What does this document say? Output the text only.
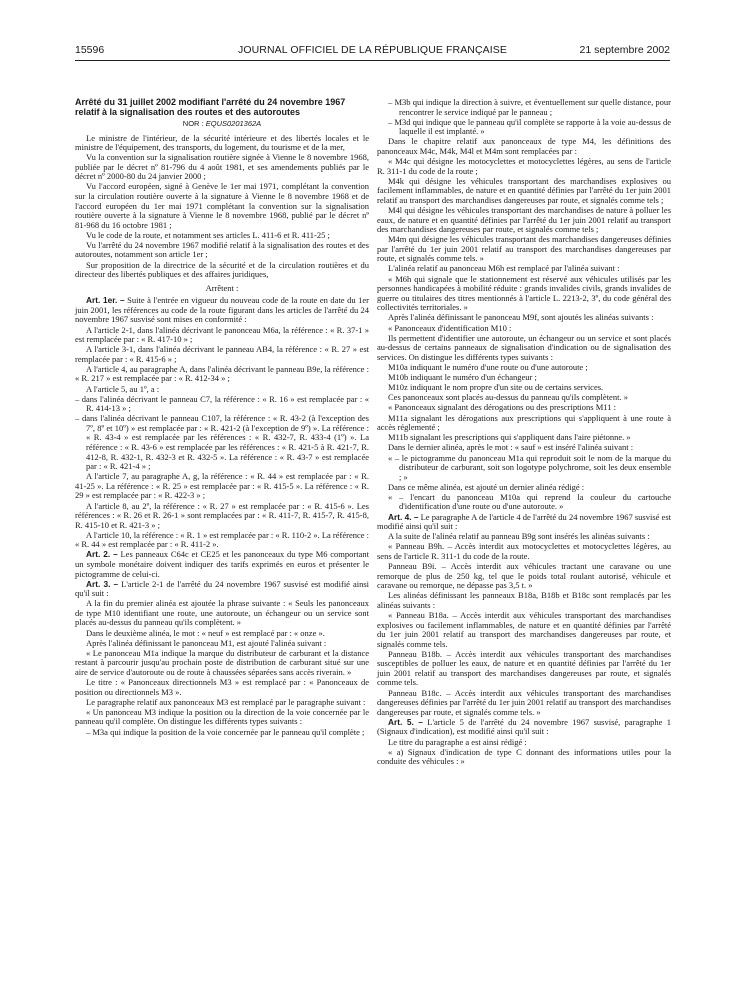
15596	JOURNAL OFFICIEL DE LA RÉPUBLIQUE FRANÇAISE	21 septembre 2002

Arrêté du 31 juillet 2002 modifiant l'arrêté du 24 novembre 1967 relatif à la signalisation des routes et des autoroutes

NOR : EQUS0201362A

Le ministre de l'intérieur, de la sécurité intérieure et des libertés locales et le ministre de l'équipement, des transports, du logement, du tourisme et de la mer,

Vu la convention sur la signalisation routière signée à Vienne le 8 novembre 1968, publiée par le décret nº 81-796 du 4 août 1981, et ses amendements publiés par le décret nº 2000-80 du 24 janvier 2000 ;

Vu l'accord européen, signé à Genève le 1er mai 1971, complétant la convention sur la circulation routière ouverte à la signature à Vienne le 8 novembre 1968 et de l'accord européen du 1er mai 1971 complétant la convention sur la signalisation routière ouverte à la signature à Vienne le 8 novembre 1968, publié par le décret nº 81-968 du 16 octobre 1981 ;

Vu le code de la route, et notamment ses articles L. 411-6 et R. 411-25 ;

Vu l'arrêté du 24 novembre 1967 modifié relatif à la signalisation des routes et des autoroutes, notamment son article 1er ;

Sur proposition de la directrice de la sécurité et de la circulation routières et du directeur des libertés publiques et des affaires juridiques,

Arrêtent :

Art. 1er. – Suite à l'entrée en vigueur du nouveau code de la route en date du 1er juin 2001, les références au code de la route figurant dans les articles de l'arrêté du 24 novembre 1967 susvisé sont mises en conformité :

A l'article 2-1, dans l'alinéa décrivant le panonceau M6a, la référence : « R. 37-1 » est remplacée par : « R. 417-10 » ;

A l'article 3-1, dans l'alinéa décrivant le panneau AB4, la référence : « R. 27 » est remplacée par : « R. 415-6 » ;

A l'article 4, au paragraphe A, dans l'alinéa décrivant le panneau B9e, la référence : « R. 217 » est remplacée par : « R. 412-34 » ;

A l'article 5, au 1º, a :

– dans l'alinéa décrivant le panneau C7, la référence : « R. 16 » est remplacée par : « R. 414-13 » ;

– dans l'alinéa décrivant le panneau C107, la référence : « R. 43-2 (à l'exception des 7º, 8º et 10º) » est remplacée par : « R. 421-2 (à l'exception de 9º) ». La référence : « R. 43-4 » est remplacée par les références : « R. 432-7, R. 433-4 (1º) ». La référence : « R. 43-6 » est remplacée par les références : « R. 421-5 à R. 421-7, R. 412-8, R. 432-1, R. 432-3 et R. 432-5 ». La référence : « R. 43-7 » est remplacée par : « R. 421-4 » ;

A l'article 7, au paragraphe A, g, la référence : « R. 44 » est remplacée par : « R. 41-25 ». La référence : « R. 25 » est remplacée par : « R. 415-5 ». La référence : « R. 29 » est remplacée par : « R. 422-3 » ;

A l'article 8, au 2º, la référence : « R. 27 » est remplacée par : « R. 415-6 ». Les références : « R. 26 et R. 26-1 » sont remplacées par : « R. 411-7, R. 415-7, R. 415-8, R. 415-10 et R. 421-3 » ;

A l'article 10, la référence : « R. 1 » est remplacée par : « R. 110-2 ». La référence : « R. 44 » est remplacée par : « R. 411-2 ».

Art. 2. – Les panneaux C64c et CE25 et les panonceaux du type M6 comportant un symbole monétaire doivent indiquer des tarifs exprimés en euros et présenter le pictogramme de celui-ci.

Art. 3. – L'article 2-1 de l'arrêté du 24 novembre 1967 susvisé est modifié ainsi qu'il suit :

A la fin du premier alinéa est ajoutée la phrase suivante : « Seuls les panonceaux de type M10 identifiant une route, une autoroute, un échangeur ou un service sont placés au-dessus du panneau qu'ils complètent. »

Dans le deuxième alinéa, le mot : « neuf » est remplacé par : « onze ».

Après l'alinéa définissant le panonceau M1, est ajouté l'alinéa suivant :

« Le panonceau M1a indique la marque du distributeur de carburant et la distance restant à parcourir jusqu'au prochain poste de distribution de carburant situé sur une aire de service d'autoroute ou de route à chaussées séparées sans accès riverain. »

Le titre : « Panonceaux directionnels M3 » est remplacé par : « Panonceaux de position ou directionnels M3 ».

Le paragraphe relatif aux panonceaux M3 est remplacé par le paragraphe suivant :

« Un panonceau M3 indique la position ou la direction de la voie concernée par le panneau qu'il complète. On distingue les différents types suivants :

– M3a qui indique la position de la voie concernée par le panneau qu'il complète ;

– M3b qui indique la direction à suivre, et éventuellement sur quelle distance, pour rencontrer le service indiqué par le panneau ;

– M3d qui indique que le panneau qu'il complète se rapporte à la voie au-dessus de laquelle il est implanté. »

Dans le chapitre relatif aux panonceaux de type M4, les définitions des panonceaux M4c, M4k, M4l et M4m sont remplacées par :

« M4c qui désigne les motocyclettes et motocyclettes légères, au sens de l'article R. 311-1 du code de la route ;

M4k qui désigne les véhicules transportant des marchandises explosives ou facilement inflammables, de nature et en quantité définies par l'arrêté du 1er juin 2001 relatif au transport des marchandises dangereuses par route, et signalés comme tels ;

M4l qui désigne les véhicules transportant des marchandises de nature à polluer les eaux, de nature et en quantité définies par l'arrêté du 1er juin 2001 relatif au transport des marchandises dangereuses par route, et signalés comme tels ;

M4m qui désigne les véhicules transportant des marchandises dangereuses définies par l'arrêté du 1er juin 2001 relatif au transport des marchandises dangereuses par route, et signalés comme tels. »

L'alinéa relatif au panonceau M6h est remplacé par l'alinéa suivant :

« M6h qui signale que le stationnement est réservé aux véhicules utilisés par les personnes handicapées à mobilité réduite : grands invalides civils, grands invalides de guerre ou titulaires des titres mentionnés à l'article L. 2213-2, 3º, du code général des collectivités territoriales. »

Après l'alinéa définissant le panonceau M9f, sont ajoutés les alinéas suivants :

« Panonceaux d'identification M10 :

Ils permettent d'identifier une autoroute, un échangeur ou un service et sont placés au-dessus de certains panneaux de signalisation d'indication ou de signalisation des services. On distingue les différents types suivants :

M10a indiquant le numéro d'une route ou d'une autoroute ;

M10b indiquant le numéro d'un échangeur ;

M10z indiquant le nom propre d'un site ou de certains services.

Ces panonceaux sont placés au-dessus du panneau qu'ils complètent. »

« Panonceaux signalant des dérogations ou des prescriptions M11 :

M11a signalant les dérogations aux prescriptions qui s'appliquent à une route à accès réglementé ;

M11b signalant les prescriptions qui s'appliquent dans l'aire piétonne. »

Dans le dernier alinéa, après le mot : « sauf » est inséré l'alinéa suivant :

« – le pictogramme du panonceau M1a qui reproduit soit le nom de la marque du distributeur de carburant, soit son logotype polychrome, soit les deux ensemble ; »

Dans ce même alinéa, est ajouté un dernier alinéa rédigé :

« – l'encart du panonceau M10a qui reprend la couleur du cartouche d'identification d'une route ou d'une autoroute. »

Art. 4. – Le paragraphe A de l'article 4 de l'arrêté du 24 novembre 1967 susvisé est modifié ainsi qu'il suit :

A la suite de l'alinéa relatif au panneau B9g sont insérés les alinéas suivants :

« Panneau B9h. – Accès interdit aux motocyclettes et motocyclettes légères, au sens de l'article R. 311-1 du code de la route.

Panneau B9i. – Accès interdit aux véhicules tractant une caravane ou une remorque de plus de 250 kg, tel que le poids total roulant autorisé, véhicule et caravane ou remorque, ne dépasse pas 3,5 t. »

Les alinéas définissant les panneaux B18a, B18b et B18c sont remplacés par les alinéas suivants :

« Panneau B18a. – Accès interdit aux véhicules transportant des marchandises explosives ou facilement inflammables, de nature et en quantité définies par l'arrêté du 1er juin 2001 relatif au transport des marchandises dangereuses par route, et signalés comme tels.

Panneau B18b. – Accès interdit aux véhicules transportant des marchandises susceptibles de polluer les eaux, de nature et en quantité définies par l'arrêté du 1er juin 2001 relatif au transport des marchandises dangereuses par route, et signalés comme tels.

Panneau B18c. – Accès interdit aux véhicules transportant des marchandises dangereuses définies par l'arrêté du 1er juin 2001 relatif au transport des marchandises dangereuses par route, et signalés comme tels. »

Art. 5. – L'article 5 de l'arrêté du 24 novembre 1967 susvisé, paragraphe 1 (Signaux d'indication), est modifié ainsi qu'il suit :

Le titre du paragraphe a est ainsi rédigé :

« a) Signaux d'indication de type C donnant des informations utiles pour la conduite des véhicules : »
